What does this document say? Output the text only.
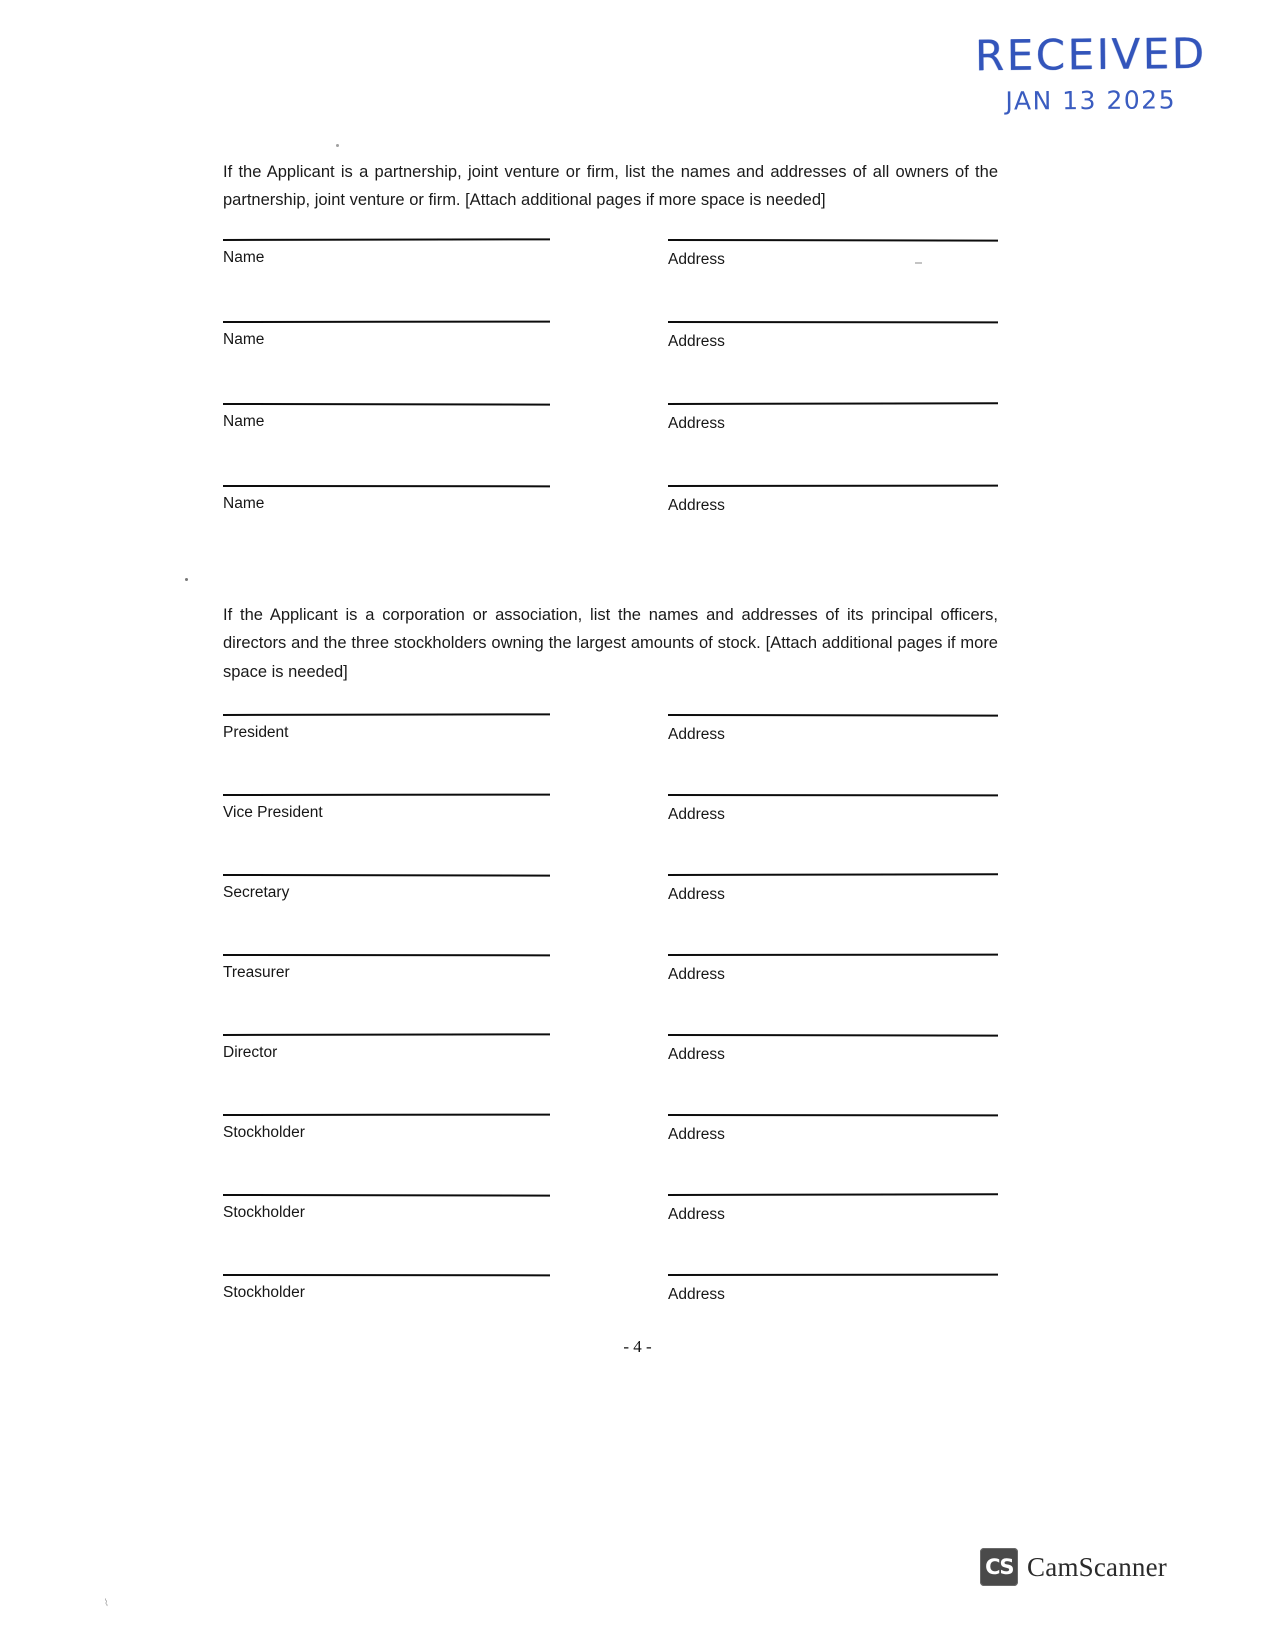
RECEIVED
JAN 13 2025

If the Applicant is a partnership, joint venture or firm, list the names and addresses of all owners of the partnership, joint venture or firm. [Attach additional pages if more space is needed]

Name	Address
Name	Address
Name	Address
Name	Address

If the Applicant is a corporation or association, list the names and addresses of its principal officers, directors and the three stockholders owning the largest amounts of stock. [Attach additional pages if more space is needed]

President	Address
Vice President	Address
Secretary	Address
Treasurer	Address
Director	Address
Stockholder	Address
Stockholder	Address
Stockholder	Address
- 4 -
CS CamScanner
⌇
